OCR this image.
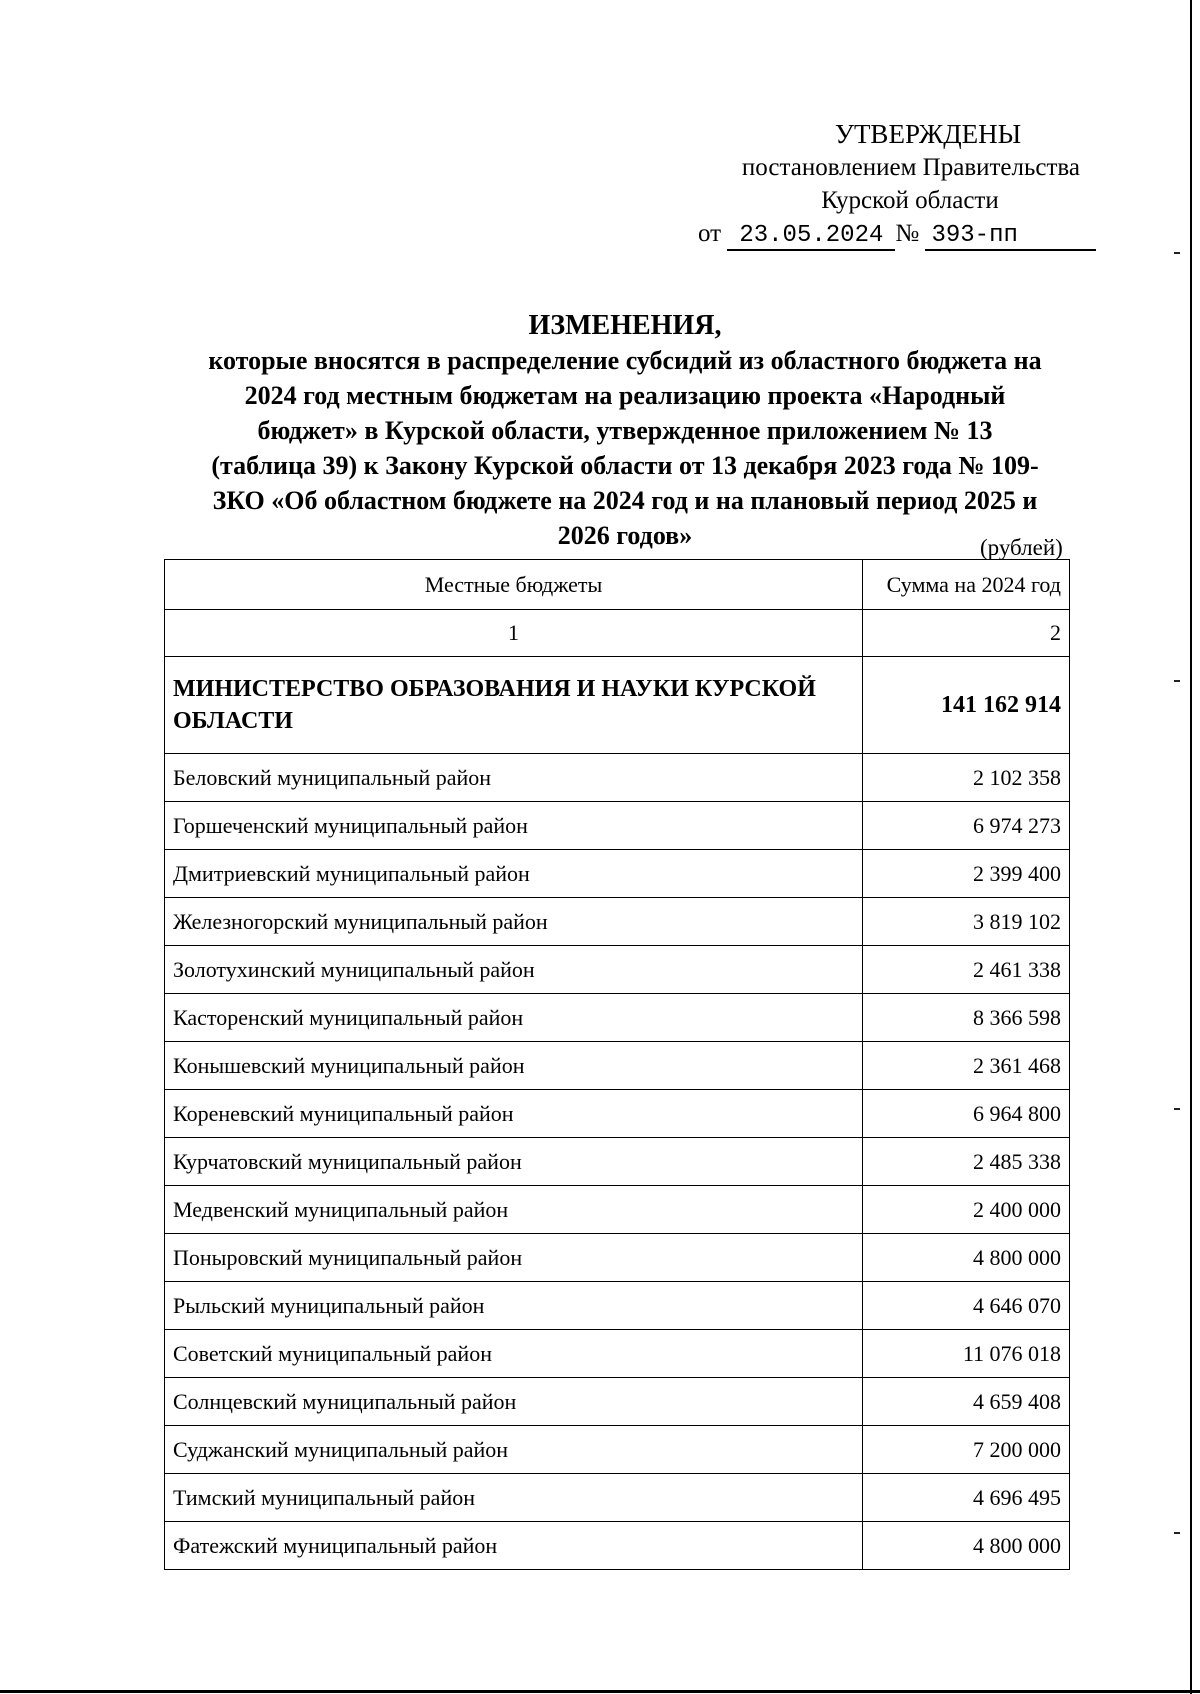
УТВЕРЖДЕНЫ
постановлением Правительства
Курской области
от 23.05.2024 № 393-пп
ИЗМЕНЕНИЯ,
которые вносятся в распределение субсидий из областного бюджета на
2024 год местным бюджетам на реализацию проекта «Народный
бюджет» в Курской области, утвержденное приложением № 13
(таблица 39) к Закону Курской области от 13 декабря 2023 года № 109-
ЗКО «Об областном бюджете на 2024 год и на плановый период 2025 и
2026 годов»	(рублей)
Местные бюджеты	Сумма на 2024 год
1	2
МИНИСТЕРСТВО ОБРАЗОВАНИЯ И НАУКИ КУРСКОЙ ОБЛАСТИ	141 162 914
Беловский муниципальный район	2 102 358
Горшеченский муниципальный район	6 974 273
Дмитриевский муниципальный район	2 399 400
Железногорский муниципальный район	3 819 102
Золотухинский муниципальный район	2 461 338
Касторенский муниципальный район	8 366 598
Конышевский муниципальный район	2 361 468
Кореневский муниципальный район	6 964 800
Курчатовский муниципальный район	2 485 338
Медвенский муниципальный район	2 400 000
Поныровский муниципальный район	4 800 000
Рыльский муниципальный район	4 646 070
Советский муниципальный район	11 076 018
Солнцевский муниципальный район	4 659 408
Суджанский муниципальный район	7 200 000
Тимский муниципальный район	4 696 495
Фатежский муниципальный район	4 800 000
